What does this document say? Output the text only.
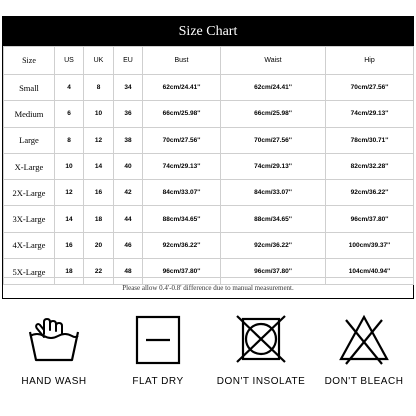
Size Chart
Size	US	UK	EU	Bust	Waist	Hip
Small	4	8	34	62cm/24.41''	62cm/24.41''	70cm/27.56''
Medium	6	10	36	66cm/25.98''	66cm/25.98''	74cm/29.13''
Large	8	12	38	70cm/27.56''	70cm/27.56''	78cm/30.71''
X-Large	10	14	40	74cm/29.13''	74cm/29.13''	82cm/32.28''
2X-Large	12	16	42	84cm/33.07''	84cm/33.07''	92cm/36.22''
3X-Large	14	18	44	88cm/34.65''	88cm/34.65''	96cm/37.80''
4X-Large	16	20	46	92cm/36.22''	92cm/36.22''	100cm/39.37''
5X-Large	18	22	48	96cm/37.80''	96cm/37.80''	104cm/40.94''
Please allow 0.4'-0.8' difference due to manual measurement.
HAND WASH	FLAT DRY	DON'T INSOLATE	DON'T BLEACH
